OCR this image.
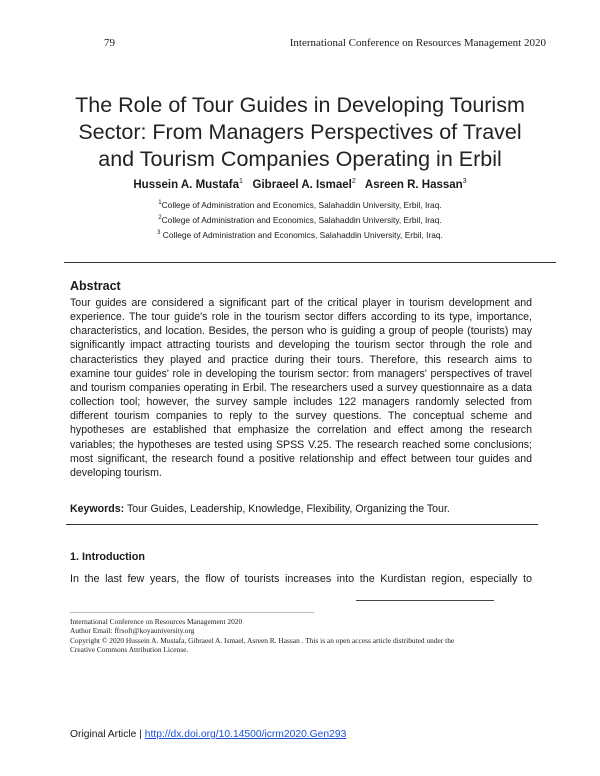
79	International Conference on Resources Management 2020
The Role of Tour Guides in Developing Tourism
Sector: From Managers Perspectives of Travel
and Tourism Companies Operating in Erbil
Hussein A. Mustafa$^1$ Gibraeel A. Ismael$^2$ Asreen R. Hassan$^3$
$^1$College of Administration and Economics, Salahaddin University, Erbil, Iraq.
$^2$College of Administration and Economics, Salahaddin University, Erbil, Iraq.
$^3$ College of Administration and Economics, Salahaddin University, Erbil, Iraq.
Abstract
Tour guides are considered a significant part of the critical player in tourism development and experience. The tour guide's role in the tourism sector differs according to its type, importance, characteristics, and location. Besides, the person who is guiding a group of people (tourists) may significantly impact attracting tourists and developing the tourism sector through the role and characteristics they played and practice during their tours. Therefore, this research aims to examine tour guides' role in developing the tourism sector: from managers' perspectives of travel and tourism companies operating in Erbil. The researchers used a survey questionnaire as a data collection tool; however, the survey sample includes 122 managers randomly selected from different tourism companies to reply to the survey questions. The conceptual scheme and hypotheses are established that emphasize the correlation and effect among the research variables; the hypotheses are tested using SPSS V.25. The research reached some conclusions; most significant, the research found a positive relationship and effect between tour guides and developing tourism.
Keywords: Tour Guides, Leadership, Knowledge, Flexibility, Organizing the Tour.
1. Introduction
In the last few years, the flow of tourists increases into the Kurdistan region, especially to
International Conference on Resources Management 2020
Author Email: ffrsoft@koyauniversity.org
Copyright © 2020 Hussein A. Mustafa, Gibraeel A. Ismael, Asreen R. Hassan . This is an open access article distributed under the
Creative Commons Attribution License.
Original Article | http://dx.doi.org/10.14500/icrm2020.Gen293
